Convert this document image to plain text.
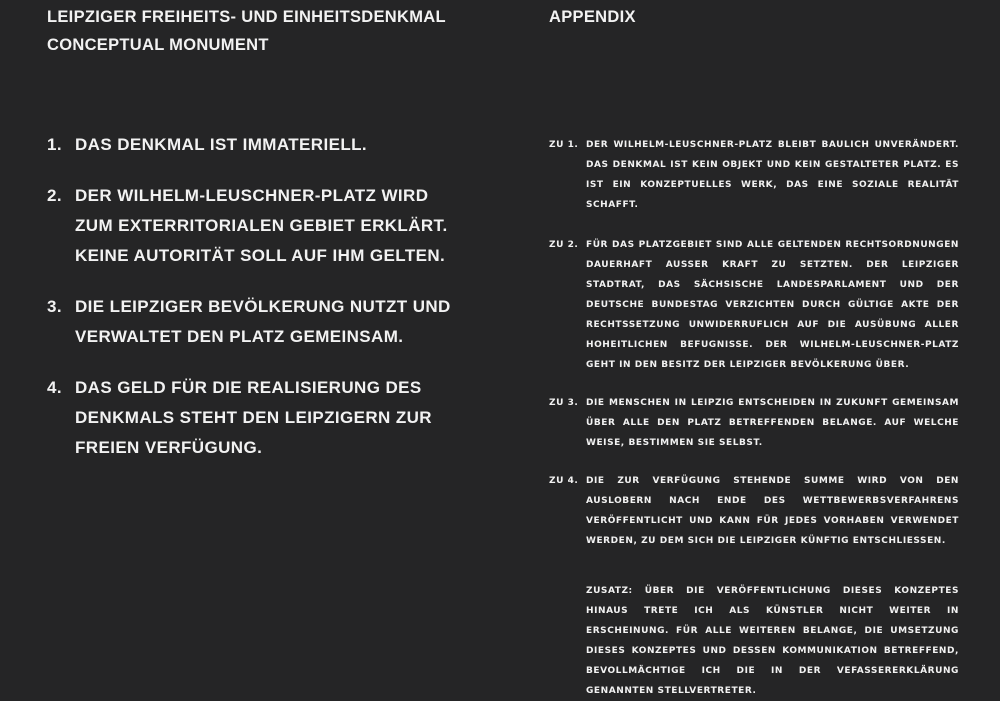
LEIPZIGER FREIHEITS- UND EINHEITSDENKMAL
CONCEPTUAL MONUMENT
1. DAS DENKMAL IST IMMATERIELL.
2. DER WILHELM-LEUSCHNER-PLATZ WIRD ZUM EXTERRITORIALEN GEBIET ERKLÄRT. KEINE AUTORITÄT SOLL AUF IHM GELTEN.
3. DIE LEIPZIGER BEVÖLKERUNG NUTZT UND VERWALTET DEN PLATZ GEMEINSAM.
4. DAS GELD FÜR DIE REALISIERUNG DES DENKMALS STEHT DEN LEIPZIGERN ZUR FREIEN VERFÜGUNG.
APPENDIX
ZU 1. DER WILHELM-LEUSCHNER-PLATZ BLEIBT BAULICH UNVERÄNDERT. DAS DENKMAL IST KEIN OBJEKT UND KEIN GESTALTETER PLATZ. ES IST EIN KONZEPTUELLES WERK, DAS EINE SOZIALE REALITÄT SCHAFFT.
ZU 2. FÜR DAS PLATZGEBIET SIND ALLE GELTENDEN RECHTSORDNUNGEN DAUERHAFT AUSSER KRAFT ZU SETZTEN. DER LEIPZIGER STADTRAT, DAS SÄCHSISCHE LANDESPARLAMENT UND DER DEUTSCHE BUNDESTAG VERZICHTEN DURCH GÜLTIGE AKTE DER RECHTSSETZUNG UNWIDERRUFLICH AUF DIE AUSÜBUNG ALLER HOHEITLICHEN BEFUGNISSE. DER WILHELM-LEUSCHNER-PLATZ GEHT IN DEN BESITZ DER LEIPZIGER BEVÖLKERUNG ÜBER.
ZU 3. DIE MENSCHEN IN LEIPZIG ENTSCHEIDEN IN ZUKUNFT GEMEINSAM ÜBER ALLE DEN PLATZ BETREFFENDEN BELANGE. AUF WELCHE WEISE, BESTIMMEN SIE SELBST.
ZU 4. DIE ZUR VERFÜGUNG STEHENDE SUMME WIRD VON DEN AUSLOBERN NACH ENDE DES WETTBEWERBSVERFAHRENS VERÖFFENTLICHT UND KANN FÜR JEDES VORHABEN VERWENDET WERDEN, ZU DEM SICH DIE LEIPZIGER KÜNFTIG ENTSCHLIESSEN.
ZUSATZ: ÜBER DIE VERÖFFENTLICHUNG DIESES KONZEPTES HINAUS TRETE ICH ALS KÜNSTLER NICHT WEITER IN ERSCHEINUNG. FÜR ALLE WEITEREN BELANGE, DIE UMSETZUNG DIESES KONZEPTES UND DESSEN KOMMUNIKATION BETREFFEND, BEVOLLMÄCHTIGE ICH DIE IN DER VEFASSERERKLÄRUNG GENANNTEN STELLVERTRETER.
